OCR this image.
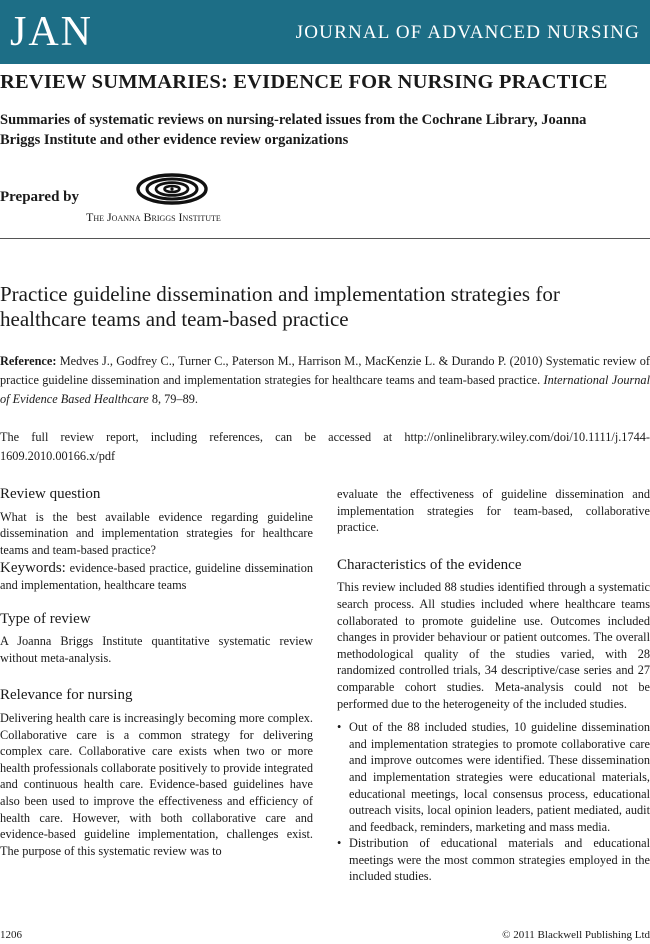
JAN	JOURNAL OF ADVANCED NURSING
REVIEW SUMMARIES: EVIDENCE FOR NURSING PRACTICE
Summaries of systematic reviews on nursing-related issues from the Cochrane Library, Joanna Briggs Institute and other evidence review organizations
Prepared by
The Joanna Briggs Institute
Practice guideline dissemination and implementation strategies for healthcare teams and team-based practice
Reference: Medves J., Godfrey C., Turner C., Paterson M., Harrison M., MacKenzie L. & Durando P. (2010) Systematic review of practice guideline dissemination and implementation strategies for healthcare teams and team-based practice. International Journal of Evidence Based Healthcare 8, 79–89.
The full review report, including references, can be accessed at http://onlinelibrary.wiley.com/doi/10.1111/j.1744-1609.2010.00166.x/pdf
Review question

What is the best available evidence regarding guideline dissemination and implementation strategies for healthcare teams and team-based practice?

Keywords: evidence-based practice, guideline dissemination and implementation, healthcare teams

Type of review

A Joanna Briggs Institute quantitative systematic review without meta-analysis.

Relevance for nursing

Delivering health care is increasingly becoming more complex. Collaborative care is a common strategy for delivering complex care. Collaborative care exists when two or more health professionals collaborate positively to provide integrated and continuous health care. Evidence-based guidelines have also been used to improve the effectiveness and efficiency of health care. However, with both collaborative care and evidence-based guideline implementation, challenges exist. The purpose of this systematic review was to

evaluate the effectiveness of guideline dissemination and implementation strategies for team-based, collaborative practice.

Characteristics of the evidence

This review included 88 studies identified through a systematic search process. All studies included where healthcare teams collaborated to promote guideline use. Outcomes included changes in provider behaviour or patient outcomes. The overall methodological quality of the studies varied, with 28 randomized controlled trials, 34 descriptive/case series and 27 comparable cohort studies. Meta-analysis could not be performed due to the heterogeneity of the included studies.

• Out of the 88 included studies, 10 guideline dissemination and implementation strategies to promote collaborative care and improve outcomes were identified. These dissemination and implementation strategies were educational materials, educational meetings, local consensus process, educational outreach visits, local opinion leaders, patient mediated, audit and feedback, reminders, marketing and mass media.
• Distribution of educational materials and educational meetings were the most common strategies employed in the included studies.
1206	© 2011 Blackwell Publishing Ltd
